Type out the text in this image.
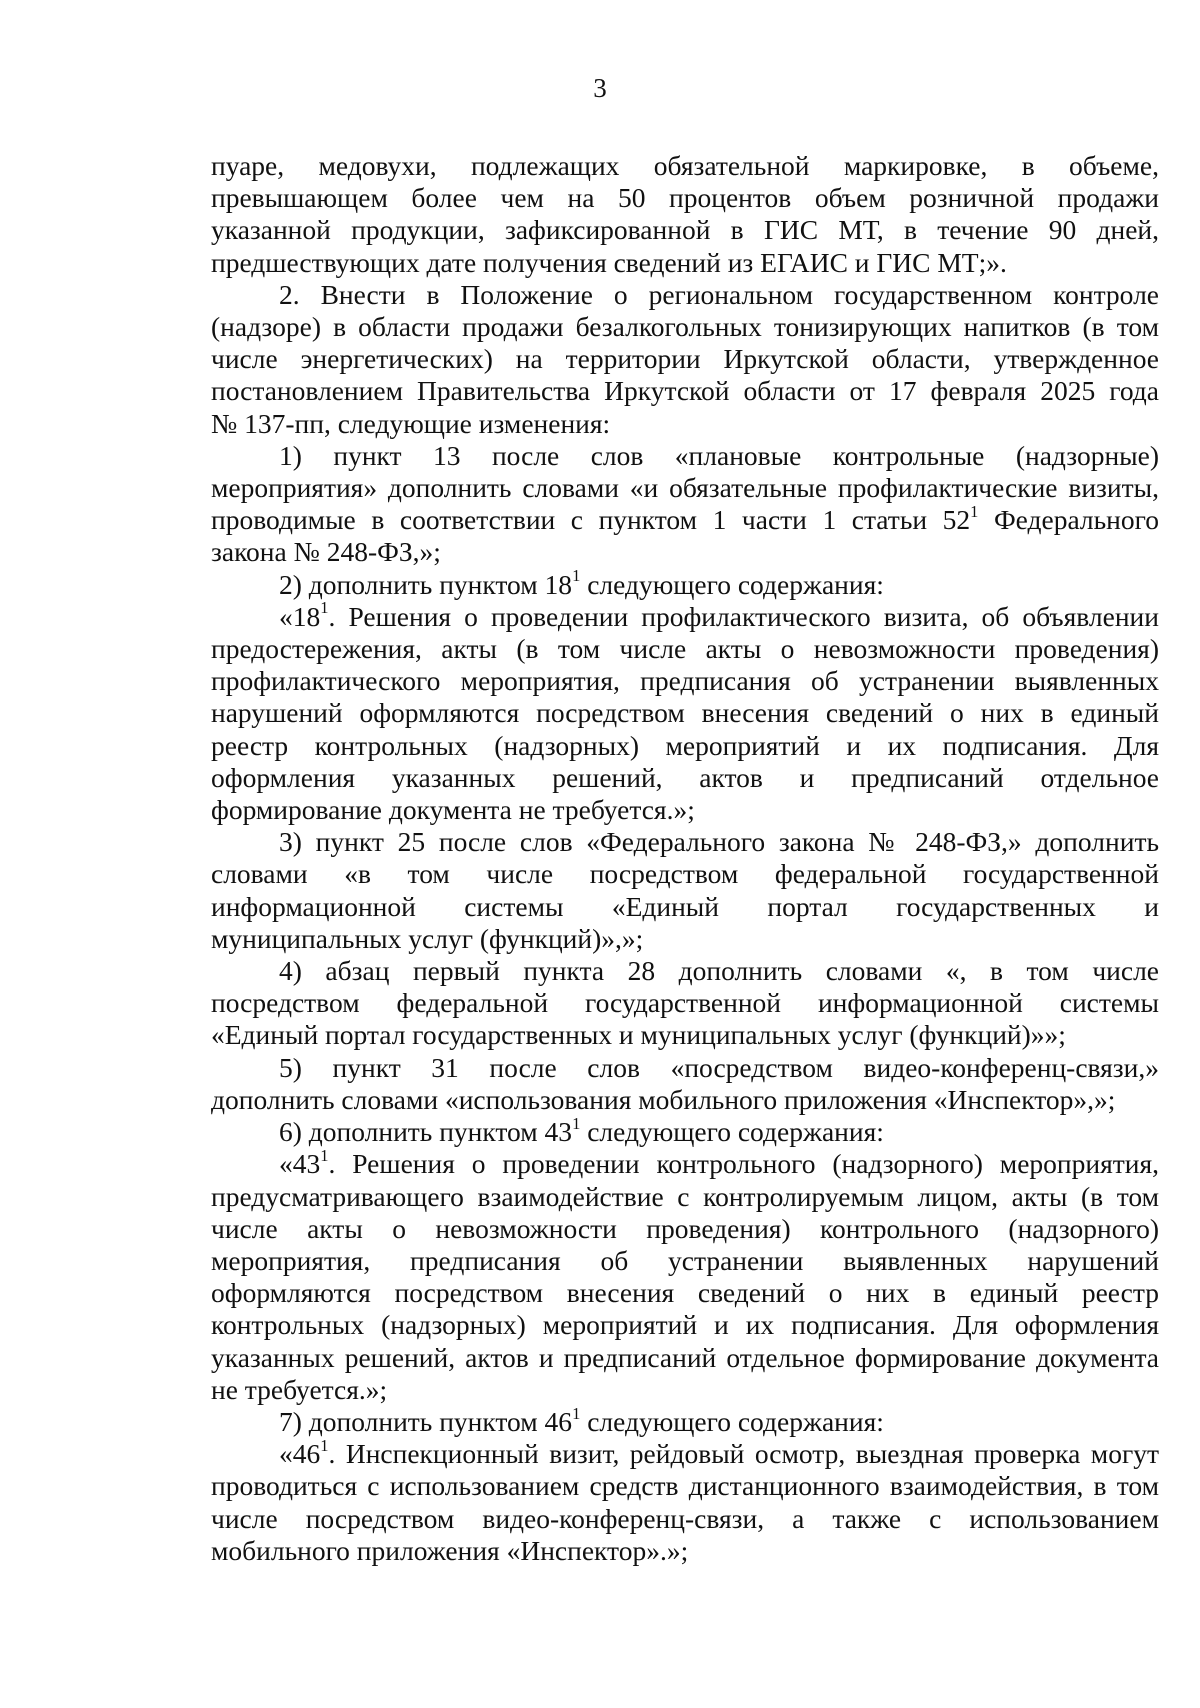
3
пуаре, медовухи, подлежащих обязательной маркировке, в объеме,
превышающем более чем на 50 процентов объем розничной продажи
указанной продукции, зафиксированной в ГИС МТ, в течение 90 дней,
предшествующих дате получения сведений из ЕГАИС и ГИС МТ;».
2. Внести в Положение о региональном государственном контроле
(надзоре) в области продажи безалкогольных тонизирующих напитков (в том
числе энергетических) на территории Иркутской области, утвержденное
постановлением Правительства Иркутской области от 17 февраля 2025 года
№ 137-пп, следующие изменения:
1) пункт 13 после слов «плановые контрольные (надзорные)
мероприятия» дополнить словами «и обязательные профилактические визиты,
проводимые в соответствии с пунктом 1 части 1 статьи $52^1$ Федерального
закона № 248-ФЗ,»;
2) дополнить пунктом $18^1$ следующего содержания:
«$18^1$. Решения о проведении профилактического визита, об объявлении
предостережения, акты (в том числе акты о невозможности проведения)
профилактического мероприятия, предписания об устранении выявленных
нарушений оформляются посредством внесения сведений о них в единый
реестр контрольных (надзорных) мероприятий и их подписания. Для
оформления указанных решений, актов и предписаний отдельное
формирование документа не требуется.»;
3) пункт 25 после слов «Федерального закона № 248-ФЗ,» дополнить
словами «в том числе посредством федеральной государственной
информационной системы «Единый портал государственных и
муниципальных услуг (функций)»,»;
4) абзац первый пункта 28 дополнить словами «, в том числе
посредством федеральной государственной информационной системы
«Единый портал государственных и муниципальных услуг (функций)»»;
5) пункт 31 после слов «посредством видео-конференц-связи,»
дополнить словами «использования мобильного приложения «Инспектор»,»;
6) дополнить пунктом $43^1$ следующего содержания:
«$43^1$. Решения о проведении контрольного (надзорного) мероприятия,
предусматривающего взаимодействие с контролируемым лицом, акты (в том
числе акты о невозможности проведения) контрольного (надзорного)
мероприятия, предписания об устранении выявленных нарушений
оформляются посредством внесения сведений о них в единый реестр
контрольных (надзорных) мероприятий и их подписания. Для оформления
указанных решений, актов и предписаний отдельное формирование документа
не требуется.»;
7) дополнить пунктом $46^1$ следующего содержания:
«$46^1$. Инспекционный визит, рейдовый осмотр, выездная проверка могут
проводиться с использованием средств дистанционного взаимодействия, в том
числе посредством видео-конференц-связи, а также с использованием
мобильного приложения «Инспектор».»;
